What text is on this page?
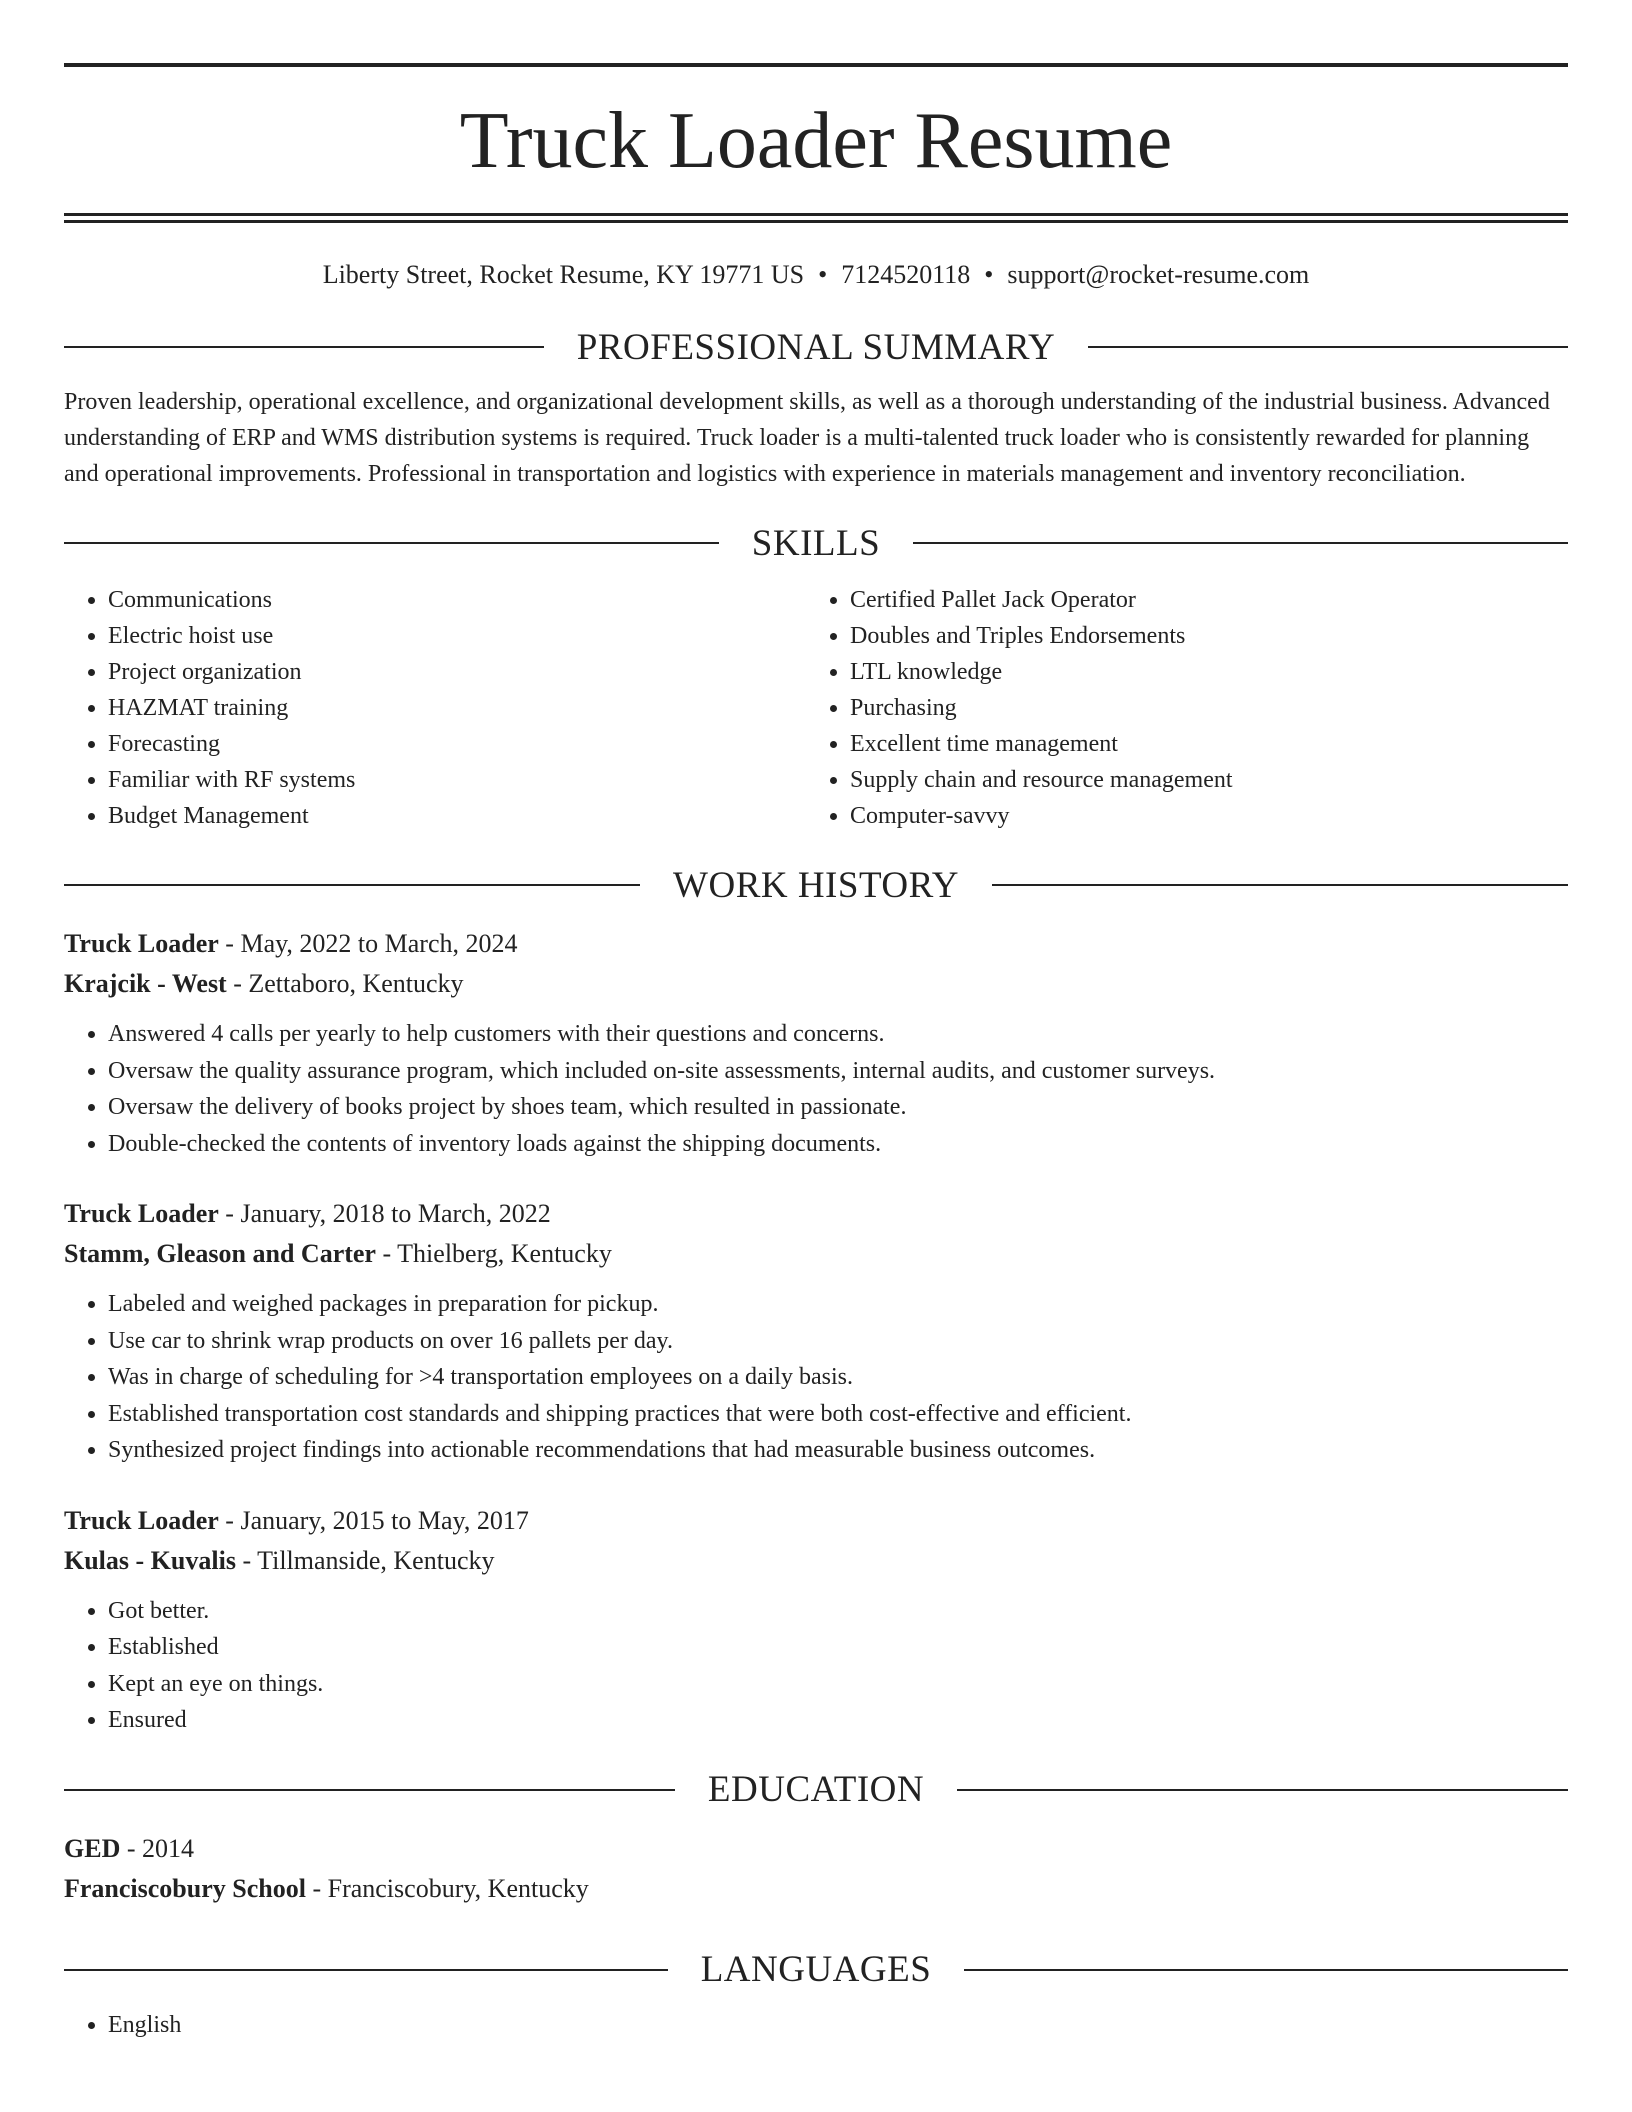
Truck Loader Resume
Liberty Street, Rocket Resume, KY 19771 US • 7124520118 • support@rocket-resume.com
PROFESSIONAL SUMMARY
Proven leadership, operational excellence, and organizational development skills, as well as a thorough understanding of the industrial business. Advanced understanding of ERP and WMS distribution systems is required. Truck loader is a multi-talented truck loader who is consistently rewarded for planning and operational improvements. Professional in transportation and logistics with experience in materials management and inventory reconciliation.
SKILLS
• Communications
• Electric hoist use
• Project organization
• HAZMAT training
• Forecasting
• Familiar with RF systems
• Budget Management
• Certified Pallet Jack Operator
• Doubles and Triples Endorsements
• LTL knowledge
• Purchasing
• Excellent time management
• Supply chain and resource management
• Computer-savvy
WORK HISTORY
Truck Loader - May, 2022 to March, 2024
Krajcik - West - Zettaboro, Kentucky
• Answered 4 calls per yearly to help customers with their questions and concerns.
• Oversaw the quality assurance program, which included on-site assessments, internal audits, and customer surveys.
• Oversaw the delivery of books project by shoes team, which resulted in passionate.
• Double-checked the contents of inventory loads against the shipping documents.
Truck Loader - January, 2018 to March, 2022
Stamm, Gleason and Carter - Thielberg, Kentucky
• Labeled and weighed packages in preparation for pickup.
• Use car to shrink wrap products on over 16 pallets per day.
• Was in charge of scheduling for >4 transportation employees on a daily basis.
• Established transportation cost standards and shipping practices that were both cost-effective and efficient.
• Synthesized project findings into actionable recommendations that had measurable business outcomes.
Truck Loader - January, 2015 to May, 2017
Kulas - Kuvalis - Tillmanside, Kentucky
• Got better.
• Established
• Kept an eye on things.
• Ensured
EDUCATION
GED - 2014
Franciscobury School - Franciscobury, Kentucky
LANGUAGES
• English
